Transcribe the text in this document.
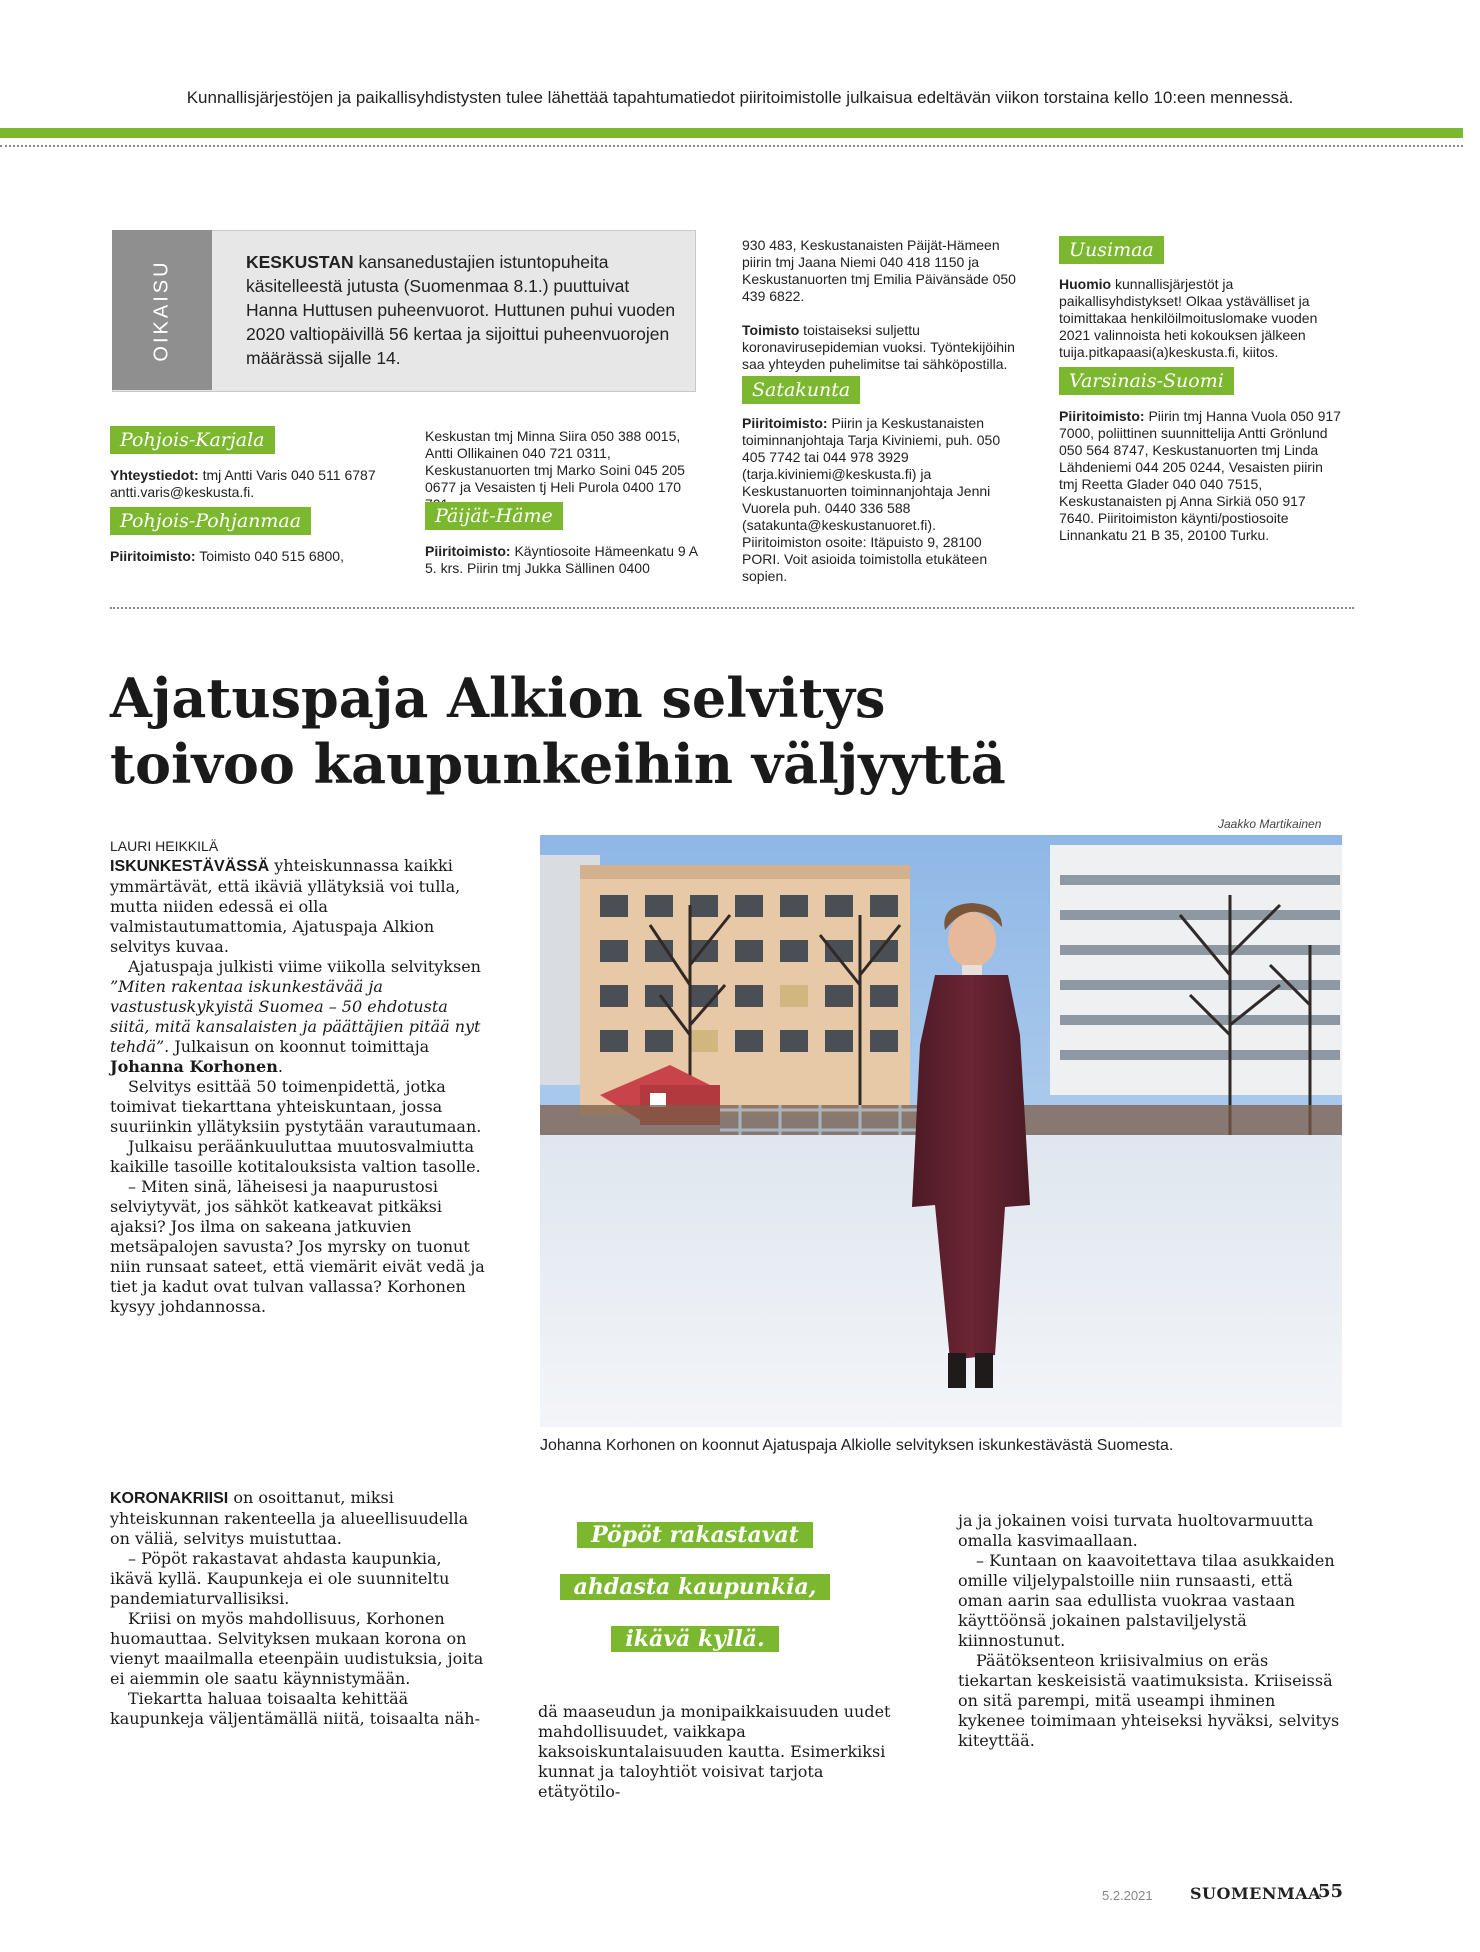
Kunnallisjärjestöjen ja paikallisyhdistysten tulee lähettää tapahtumatiedot piiritoimistolle julkaisua edeltävän viikon torstaina kello 10:een mennessä.
OIKAISU	KESKUSTAN kansanedustajien istuntopuheita käsitelleestä jutusta (Suomenmaa 8.1.) puuttuivat Hanna Huttusen puheenvuorot. Huttunen puhui vuoden 2020 valtiopäivillä 56 kertaa ja sijoittui puheenvuorojen määrässä sijalle 14.
Pohjois-Karjala
Yhteystiedot: tmj Antti Varis 040 511 6787 antti.varis@keskusta.fi.
Pohjois-Pohjanmaa
Piiritoimisto: Toimisto 040 515 6800,
Keskustan tmj Minna Siira 050 388 0015, Antti Ollikainen 040 721 0311, Keskustanuorten tmj Marko Soini 045 205 0677 ja Vesaisten tj Heli Purola 0400 170
Päijät-Häme
Piiritoimisto: Käyntiosoite Hämeenkatu 9 A 5. krs. Piirin tmj Jukka Sällinen 0400
930 483, Keskustanaisten Päijät-Hämeen piirin tmj Jaana Niemi 040 418 1150 ja Keskustanuorten tmj Emilia Päivänsäde 050 439 6822.
Toimisto toistaiseksi suljettu koronavirusepidemian vuoksi. Työntekijöihin saa yhteyden puhelimitse tai sähköpostilla.
Satakunta
Piiritoimisto: Piirin ja Keskustanaisten toiminnanjohtaja Tarja Kiviniemi, puh. 050 405 7742 tai 044 978 3929 (tarja.kiviniemi@keskusta.fi) ja Keskustanuorten toiminnanjohtaja Jenni Vuorela puh. 0440 336 588 (satakunta@keskustanuoret.fi). Piiritoimiston osoite: Itäpuisto 9, 28100 PORI. Voit asioida toimistolla etukäteen sopien.
Uusimaa
Huomio kunnallisjärjestöt ja paikallisyhdistykset! Olkaa ystävälliset ja toimittakaa henkilöilmoituslomake vuoden 2021 valinnoista heti kokouksen jälkeen tuija.pitkapaasi(a)keskusta.fi, kiitos.
Varsinais-Suomi
Piiritoimisto: Piirin tmj Hanna Vuola 050 917 7000, poliittinen suunnittelija Antti Grönlund 050 564 8747, Keskustanuorten tmj Linda Lähdeniemi 044 205 0244, Vesaisten piirin tmj Reetta Glader 040 040 7515, Keskustanaisten pj Anna Sirkiä 050 917 7640. Piiritoimiston käynti/postiosoite Linnankatu 21 B 35, 20100 Turku.
Ajatuspaja Alkion selvitys
toivoo kaupunkeihin väljyyttä
LAURI HEIKKILÄ

ISKUNKESTÄVÄSSÄ yhteiskunnassa kaikki ymmärtävät, että ikäviä yllätyksiä voi tulla, mutta niiden edessä ei olla valmistautumattomia, Ajatuspaja Alkion selvitys kuvaa.

Ajatuspaja julkisti viime viikolla selvityksen ”Miten rakentaa iskunkestävää ja vastustuskykyistä Suomea – 50 ehdotusta siitä, mitä kansalaisten ja päättäjien pitää nyt tehdä”. Julkaisun on koonnut toimittaja Johanna Korhonen.

Selvitys esittää 50 toimenpidettä, jotka toimivat tiekarttana yhteiskuntaan, jossa suuriinkin yllätyksiin pystytään varautumaan.

Julkaisu peräänkuuluttaa muutosvalmiutta kaikille tasoille kotitalouksista valtion tasolle.

– Miten sinä, läheisesi ja naapurustosi selviytyvät, jos sähköt katkeavat pitkäksi ajaksi? Jos ilma on sakeana jatkuvien metsäpalojen savusta? Jos myrsky on tuonut niin runsaat sateet, että viemärit eivät vedä ja tiet ja kadut ovat tulvan vallassa? Korhonen kysyy johdannossa.

KORONAKRIISI on osoittanut, miksi yhteiskunnan rakenteella ja alueellisuudella on väliä, selvitys muistuttaa.

– Pöpöt rakastavat ahdasta kaupunkia, ikävä kyllä. Kaupunkeja ei ole suunniteltu pandemiaturvallisiksi.

Kriisi on myös mahdollisuus, Korhonen huomauttaa. Selvityksen mukaan korona on vienyt maailmalla eteenpäin uudistuksia, joita ei aiemmin ole saatu käynnistymään.

Tiekartta haluaa toisaalta kehittää kaupunkeja väljentämällä niitä, toisaalta näh-

Jaakko Martikainen
Johanna Korhonen on koonnut Ajatuspaja Alkiolle selvityksen iskunkestävästä Suomesta.
Pöpöt rakastavat
ahdasta kaupunkia,
ikävä kyllä.

dä maaseudun ja monipaikkaisuuden uudet mahdollisuudet, vaikkapa kaksoiskuntalaisuuden kautta. Esimerkiksi kunnat ja taloyhtiöt voisivat tarjota etätyötilo-

ja ja jokainen voisi turvata huoltovarmuutta omalla kasvimaallaan.

– Kuntaan on kaavoitettava tilaa asukkaiden omille viljelypalstoille niin runsaasti, että oman aarin saa edullista vuokraa vastaan käyttöönsä jokainen palstaviljelystä kiinnostunut.

Päätöksenteon kriisivalmius on eräs tiekartan keskeisistä vaatimuksista. Kriiseissä on sitä parempi, mitä useampi ihminen kykenee toimimaan yhteiseksi hyväksi, selvitys kiteyttää.

5.2.2021 SUOMENMAA
55
